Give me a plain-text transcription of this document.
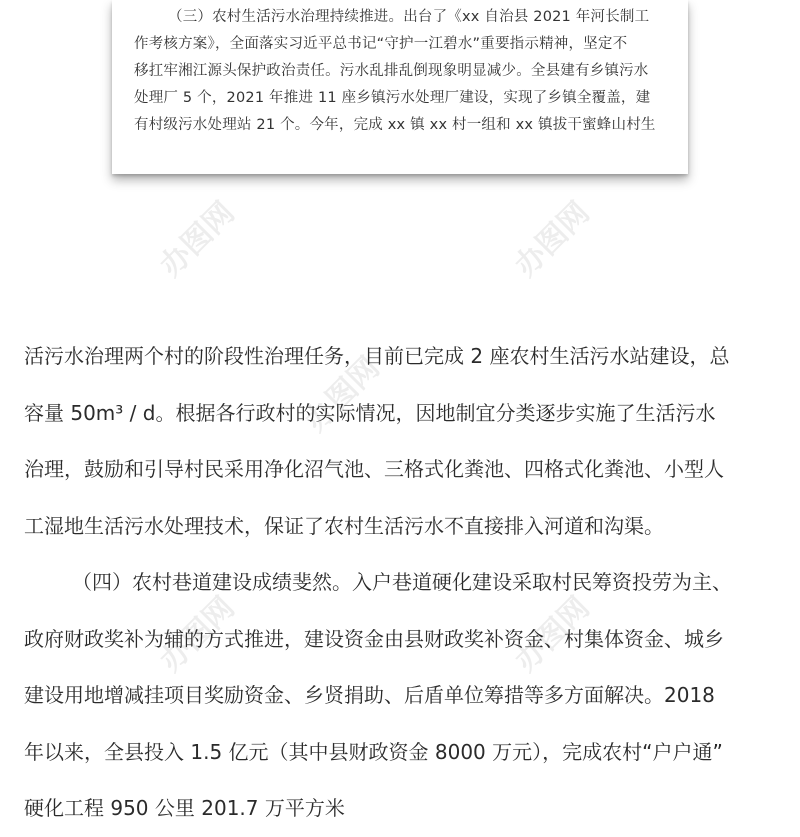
办图网	办图网
办图网
办图网	办图网

（三）农村生活污水治理持续推进。出台了《xx 自治县 2021 年河长制工
作考核方案》，全面落实习近平总书记“守护一江碧水”重要指示精神，坚定不
移扛牢湘江源头保护政治责任。污水乱排乱倒现象明显减少。全县建有乡镇污水
处理厂 5 个，2021 年推进 11 座乡镇污水处理厂建设，实现了乡镇全覆盖，建
有村级污水处理站 21 个。今年，完成 xx 镇 xx 村一组和 xx 镇拔干蜜蜂山村生

活污水治理两个村的阶段性治理任务，目前已完成 2 座农村生活污水站建设，总
容量 50m³ / d。根据各行政村的实际情况，因地制宜分类逐步实施了生活污水
治理，鼓励和引导村民采用净化沼气池、三格式化粪池、四格式化粪池、小型人
工湿地生活污水处理技术，保证了农村生活污水不直接排入河道和沟渠。
（四）农村巷道建设成绩斐然。入户巷道硬化建设采取村民筹资投劳为主、
政府财政奖补为辅的方式推进，建设资金由县财政奖补资金、村集体资金、城乡
建设用地增减挂项目奖励资金、乡贤捐助、后盾单位筹措等多方面解决。2018
年以来，全县投入 1.5 亿元（其中县财政资金 8000 万元），完成农村“户户通”
硬化工程 950 公里 201.7 万平方米
